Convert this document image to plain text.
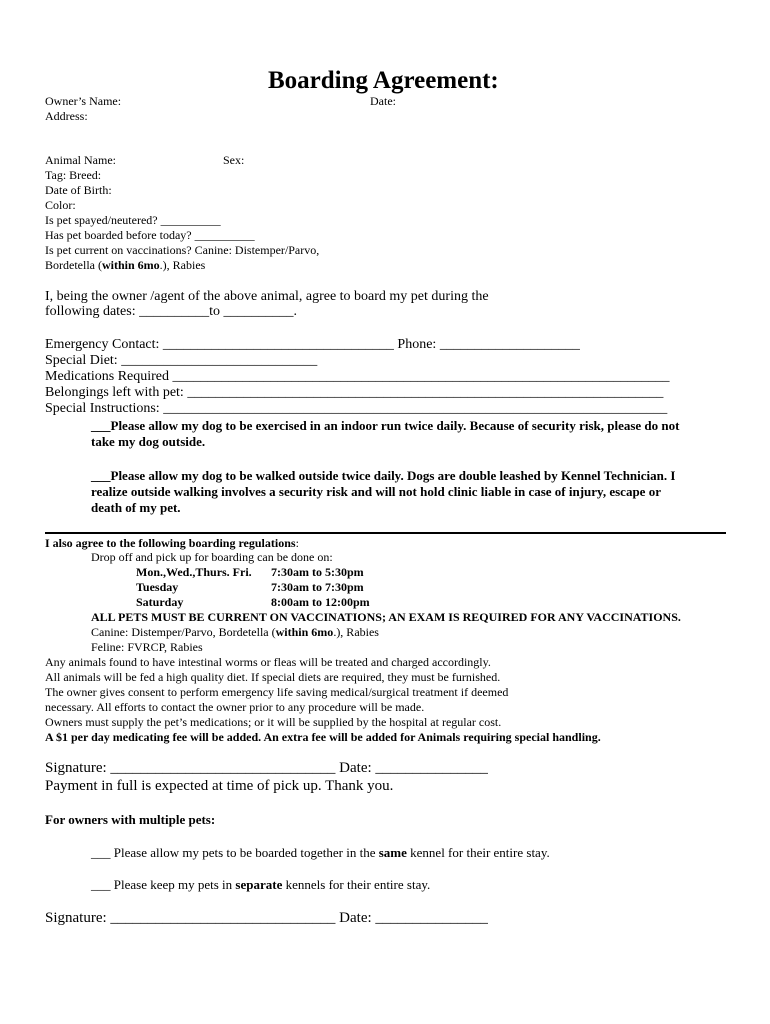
Boarding Agreement:
Owner’s Name:	Date:
Address:
Animal Name:	Sex:
Tag: Breed:
Date of Birth:
Color:
Is pet spayed/neutered? __________
Has pet boarded before today? __________
Is pet current on vaccinations? Canine: Distemper/Parvo,
Bordetella (within 6mo.), Rabies
I, being the owner /agent of the above animal, agree to board my pet during the
following dates: __________to __________.
Emergency Contact: _________________________________ Phone: ____________________
Special Diet: ____________________________
Medications Required _______________________________________________________________________
Belongings left with pet: ____________________________________________________________________
Special Instructions: ________________________________________________________________________
___Please allow my dog to be exercised in an indoor run twice daily. Because of security risk, please do not
take my dog outside.
___Please allow my dog to be walked outside twice daily. Dogs are double leashed by Kennel Technician. I
realize outside walking involves a security risk and will not hold clinic liable in case of injury, escape or
death of my pet.
I also agree to the following boarding regulations:
Drop off and pick up for boarding can be done on:
Mon.,Wed.,Thurs. Fri. 7:30am to 5:30pm
Tuesday	7:30am to 7:30pm
Saturday	8:00am to 12:00pm
ALL PETS MUST BE CURRENT ON VACCINATIONS; AN EXAM IS REQUIRED FOR ANY VACCINATIONS.
Canine: Distemper/Parvo, Bordetella (within 6mo.), Rabies
Feline: FVRCP, Rabies
Any animals found to have intestinal worms or fleas will be treated and charged accordingly.
All animals will be fed a high quality diet. If special diets are required, they must be furnished.
The owner gives consent to perform emergency life saving medical/surgical treatment if deemed
necessary. All efforts to contact the owner prior to any procedure will be made.
Owners must supply the pet’s medications; or it will be supplied by the hospital at regular cost.
A $1 per day medicating fee will be added. An extra fee will be added for Animals requiring special handling.
Signature: ______________________________ Date: _______________
Payment in full is expected at time of pick up. Thank you.
For owners with multiple pets:
___ Please allow my pets to be boarded together in the same kennel for their entire stay.
___ Please keep my pets in separate kennels for their entire stay.
Signature: ______________________________ Date: _______________
